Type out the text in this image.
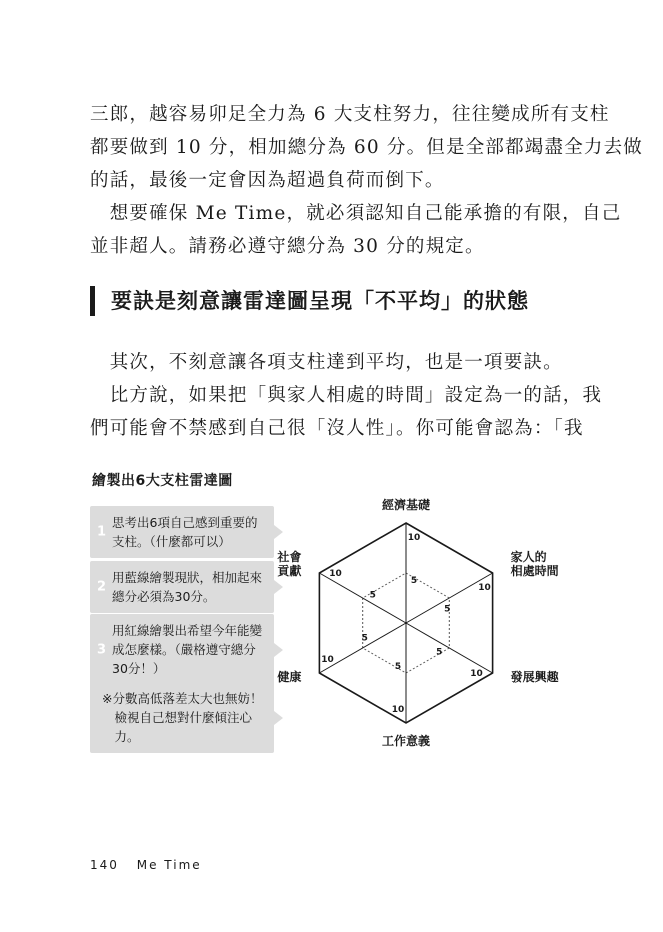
三郎，越容易卯足全力為 6 大支柱努力，往往變成所有支柱
都要做到 10 分，相加總分為 60 分。但是全部都竭盡全力去做
的話，最後一定會因為超過負荷而倒下。
　想要確保 Me Time，就必須認知自己能承擔的有限，自己
並非超人。請務必遵守總分為 30 分的規定。
要訣是刻意讓雷達圖呈現「不平均」的狀態
　其次，不刻意讓各項支柱達到平均，也是一項要訣。
　比方說，如果把「與家人相處的時間」設定為一的話，我
們可能會不禁感到自己很「沒人性」。你可能會認為：「我
繪製出6大支柱雷達圖
1
思考出6項自己感到重要的
支柱。（什麼都可以）
2
用藍線繪製現狀，相加起來
總分必須為30分。
3
用紅線繪製出希望今年能變
成怎麼樣。（嚴格遵守總分
30分！）
※分數高低落差太大也無妨！
　檢視自己想對什麼傾注心
　力。
10
5
10
5
10
5
10
5
10
5
10
5
經濟基礎
家人的相處時間
發展興趣
工作意義
健康
社會貢獻
140 Me Time
